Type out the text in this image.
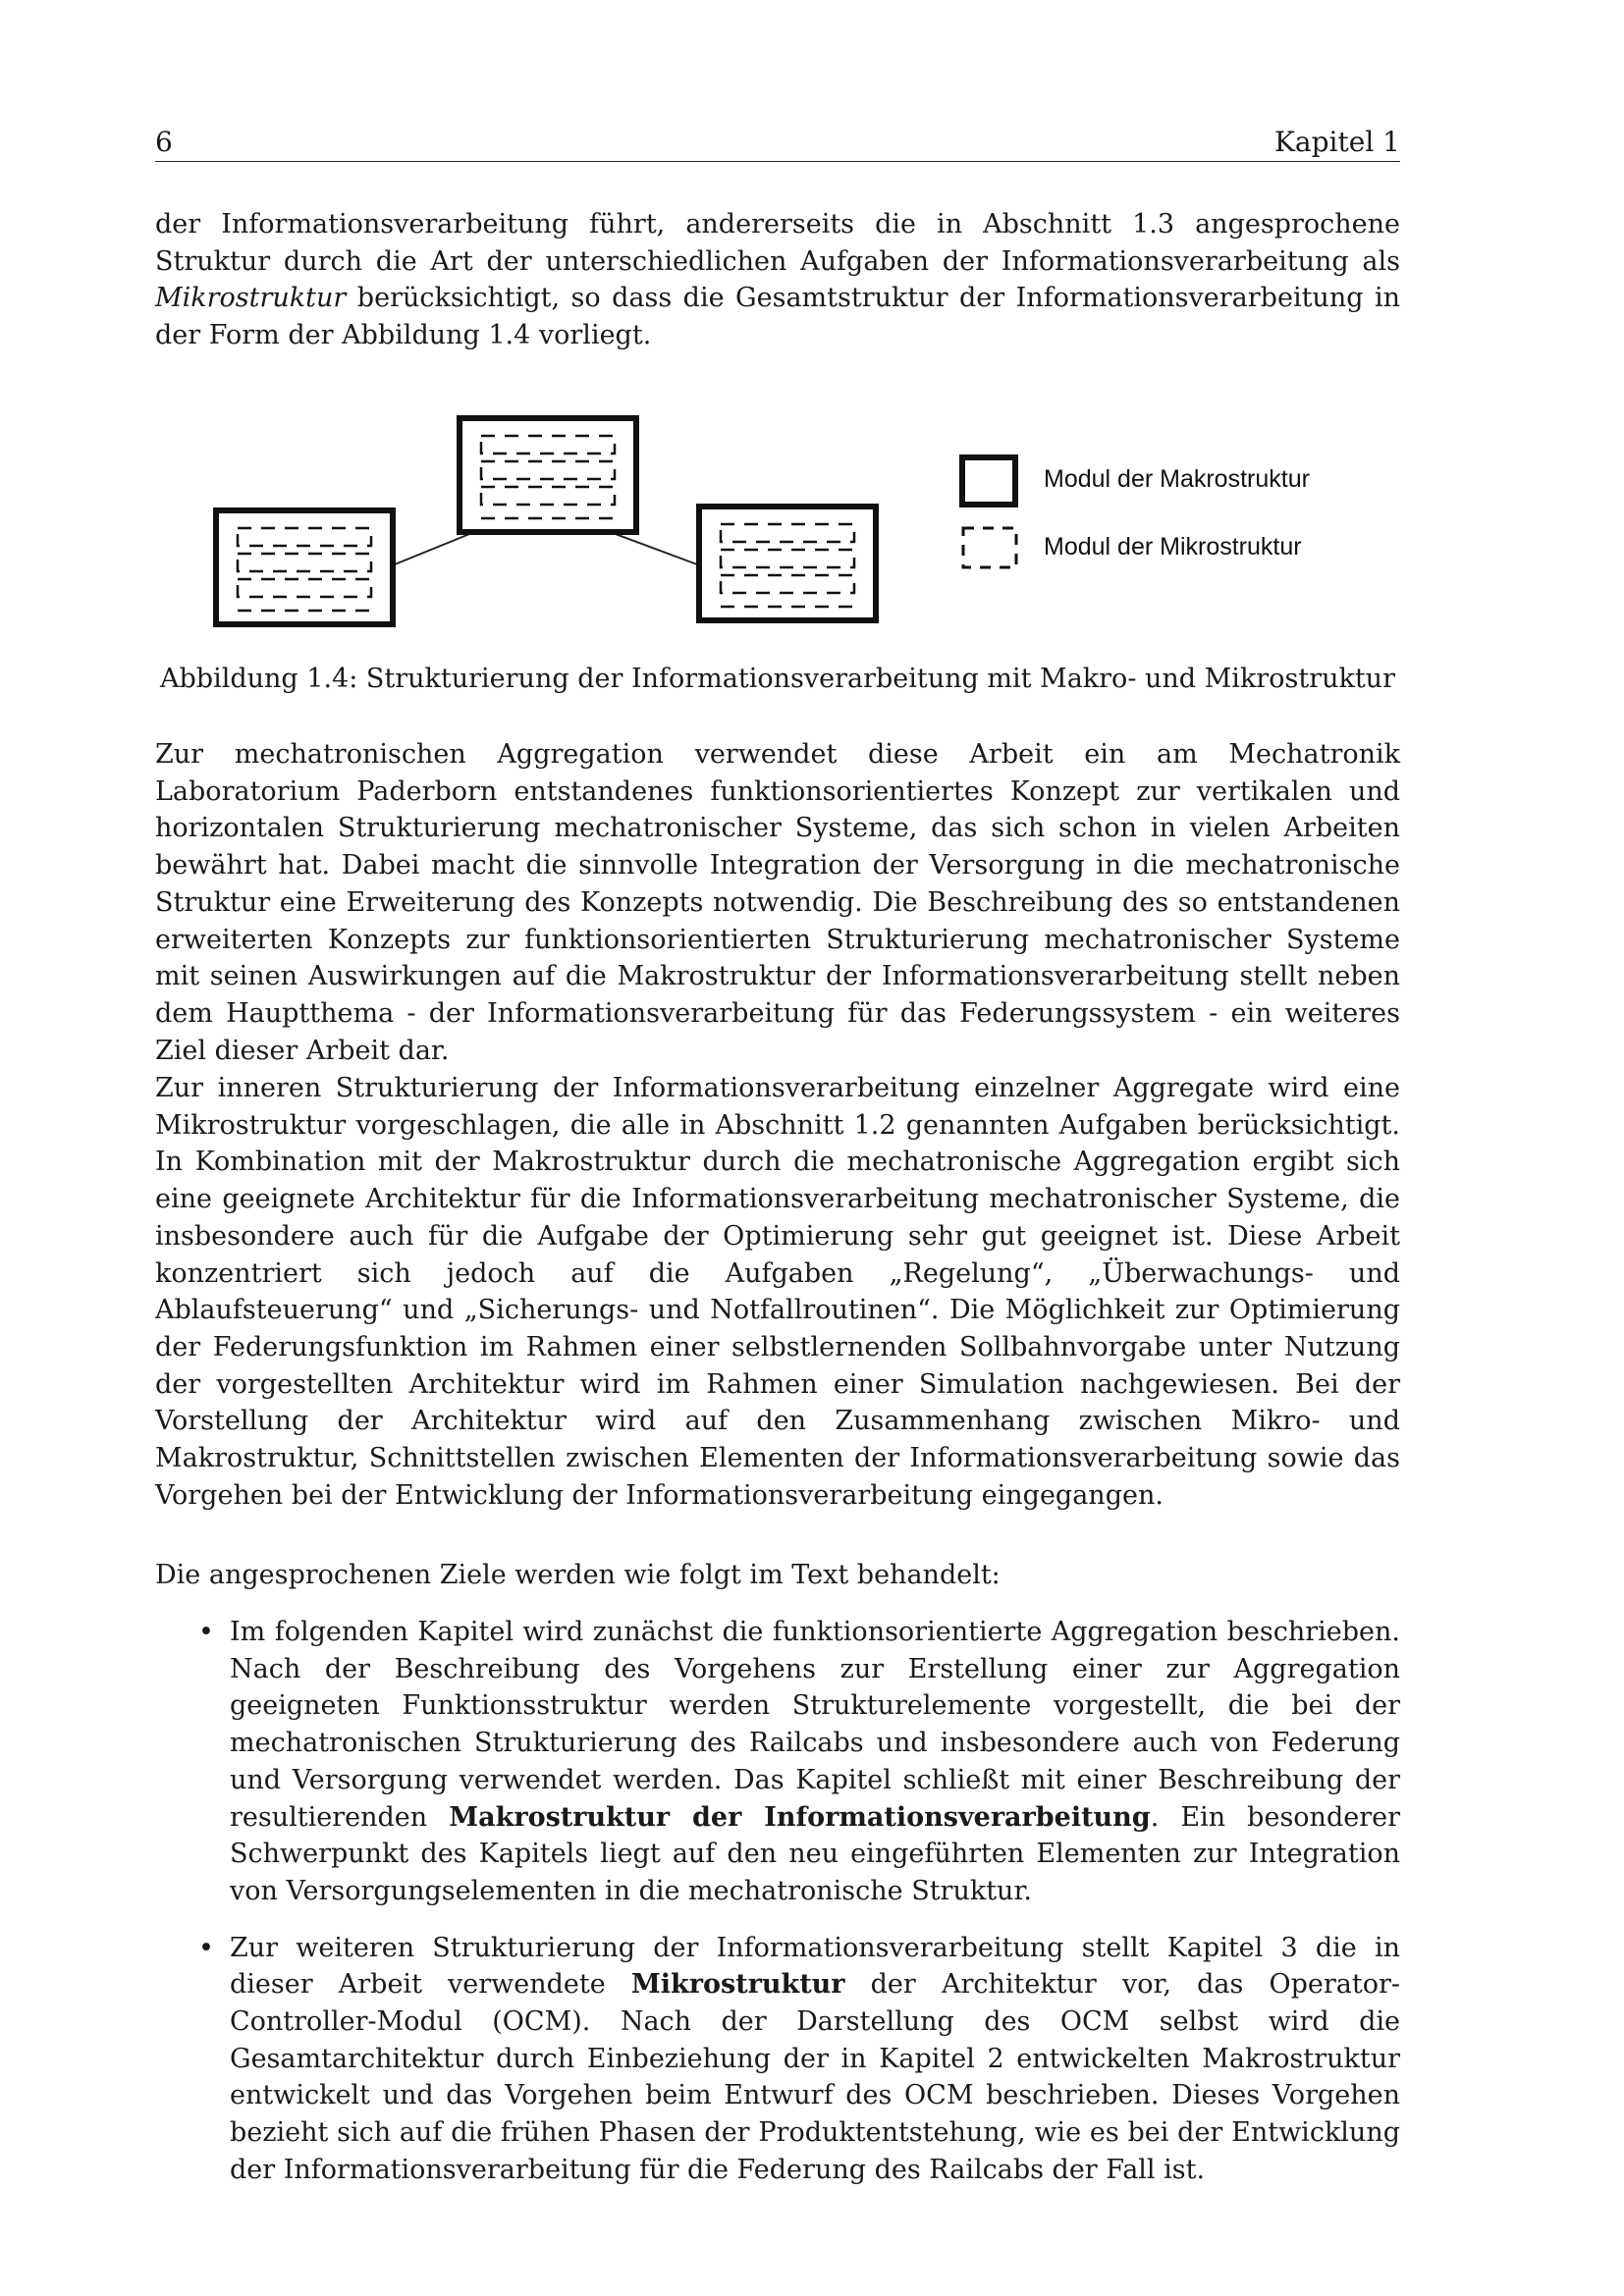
6	Kapitel 1

der Informationsverarbeitung führt, andererseits die in Abschnitt 1.3 angesprochene Struktur durch die Art der unterschiedlichen Aufgaben der Informationsverarbeitung als Mikrostruktur berücksichtigt, so dass die Gesamtstruktur der Informationsverarbeitung in der Form der Abbildung 1.4 vorliegt.

Modul der Makrostruktur
Modul der Mikrostruktur
Abbildung 1.4: Strukturierung der Informationsverarbeitung mit Makro- und Mikrostruktur

Zur mechatronischen Aggregation verwendet diese Arbeit ein am Mechatronik Laboratorium Paderborn entstandenes funktionsorientiertes Konzept zur vertikalen und horizontalen Strukturierung mechatronischer Systeme, das sich schon in vielen Arbeiten bewährt hat. Dabei macht die sinnvolle Integration der Versorgung in die mechatronische Struktur eine Erweiterung des Konzepts notwendig. Die Beschreibung des so entstandenen erweiterten Konzepts zur funktionsorientierten Strukturierung mechatronischer Systeme mit seinen Auswirkungen auf die Makrostruktur der Informationsverarbeitung stellt neben dem Hauptthema - der Informationsverarbeitung für das Federungssystem - ein weiteres Ziel dieser Arbeit dar.

Zur inneren Strukturierung der Informationsverarbeitung einzelner Aggregate wird eine Mikrostruktur vorgeschlagen, die alle in Abschnitt 1.2 genannten Aufgaben berücksichtigt. In Kombination mit der Makrostruktur durch die mechatronische Aggregation ergibt sich eine geeignete Architektur für die Informationsverarbeitung mechatronischer Systeme, die insbesondere auch für die Aufgabe der Optimierung sehr gut geeignet ist. Diese Arbeit konzentriert sich jedoch auf die Aufgaben „Regelung“, „Überwachungs- und Ablaufsteuerung“ und „Sicherungs- und Notfallroutinen“. Die Möglichkeit zur Optimierung der Federungsfunktion im Rahmen einer selbstlernenden Sollbahnvorgabe unter Nutzung der vorgestellten Architektur wird im Rahmen einer Simulation nachgewiesen. Bei der Vorstellung der Architektur wird auf den Zusammenhang zwischen Mikro- und Makrostruktur, Schnittstellen zwischen Elementen der Informationsverarbeitung sowie das Vorgehen bei der Entwicklung der Informationsverarbeitung eingegangen.

Die angesprochenen Ziele werden wie folgt im Text behandelt:

• Im folgenden Kapitel wird zunächst die funktionsorientierte Aggregation beschrieben. Nach der Beschreibung des Vorgehens zur Erstellung einer zur Aggregation geeigneten Funktionsstruktur werden Strukturelemente vorgestellt, die bei der mechatronischen Strukturierung des Railcabs und insbesondere auch von Federung und Versorgung verwendet werden. Das Kapitel schließt mit einer Beschreibung der resultierenden Makrostruktur der Informationsverarbeitung. Ein besonderer Schwerpunkt des Kapitels liegt auf den neu eingeführten Elementen zur Integration von Versorgungselementen in die mechatronische Struktur.

• Zur weiteren Strukturierung der Informationsverarbeitung stellt Kapitel 3 die in dieser Arbeit verwendete Mikrostruktur der Architektur vor, das Operator-Controller-Modul (OCM). Nach der Darstellung des OCM selbst wird die Gesamtarchitektur durch Einbeziehung der in Kapitel 2 entwickelten Makrostruktur entwickelt und das Vorgehen beim Entwurf des OCM beschrieben. Dieses Vorgehen bezieht sich auf die frühen Phasen der Produktentstehung, wie es bei der Entwicklung der Informationsverarbeitung für die Federung des Railcabs der Fall ist.
